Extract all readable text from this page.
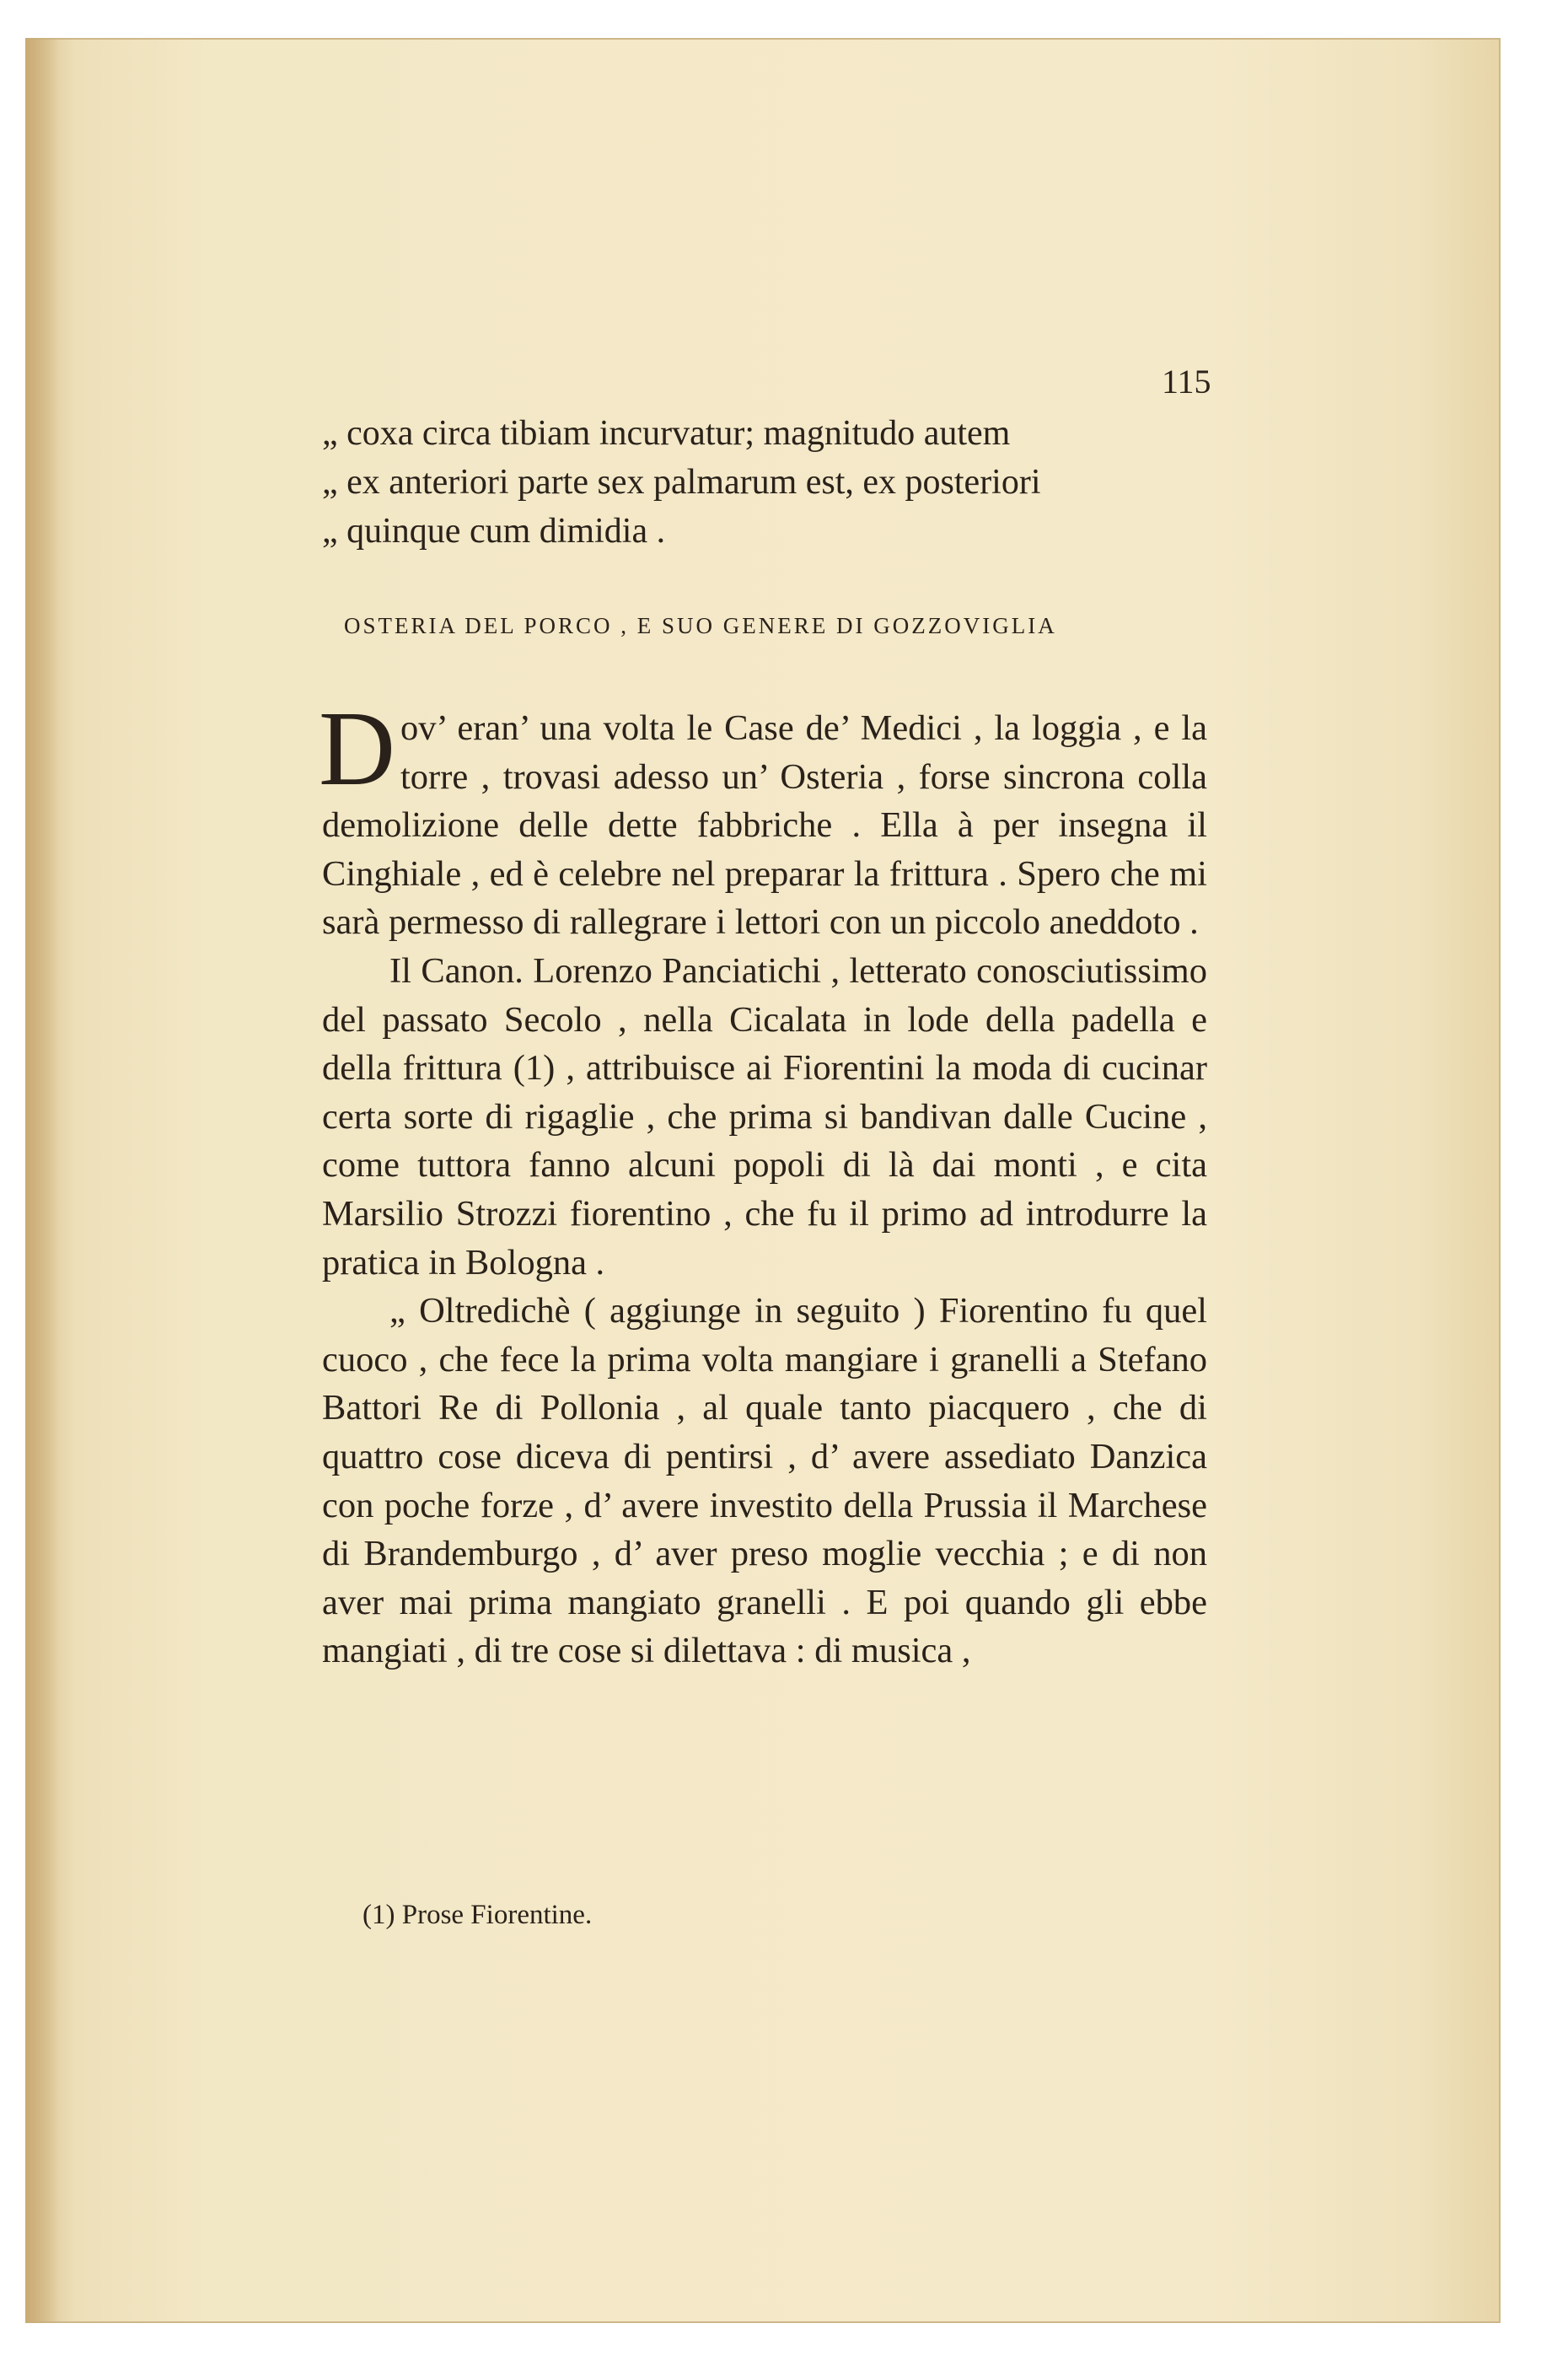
115
„ coxa circa tibiam incurvatur; magnitudo autem
„ ex anteriori parte sex palmarum est, ex posteriori
„ quinque cum dimidia .
OSTERIA DEL PORCO , E SUO GENERE DI GOZZOVIGLIA

Dov’ eran’ una volta le Case de’ Medici , la loggia , e la torre , trovasi adesso un’ Osteria , forse sincrona colla demolizione delle dette fabbriche . Ella à per insegna il Cinghiale , ed è celebre nel preparar la frittura . Spero che mi sarà permesso di rallegrare i lettori con un piccolo aneddoto .

Il Canon. Lorenzo Panciatichi , letterato conosciutissimo del passato Secolo , nella Cicalata in lode della padella e della frittura (1) , attribuisce ai Fiorentini la moda di cucinar certa sorte di rigaglie , che prima si bandivan dalle Cucine , come tuttora fanno alcuni popoli di là dai monti , e cita Marsilio Strozzi fiorentino , che fu il primo ad introdurre la pratica in Bologna .

„ Oltredichè ( aggiunge in seguito ) Fiorentino fu quel cuoco , che fece la prima volta mangiare i granelli a Stefano Battori Re di Pollonia , al quale tanto piacquero , che di quattro cose diceva di pentirsi , d’ avere assediato Danzica con poche forze , d’ avere investito della Prussia il Marchese di Brandemburgo , d’ aver preso moglie vecchia ; e di non aver mai prima mangiato granelli . E poi quando gli ebbe mangiati , di tre cose si dilettava : di musica ,

(1) Prose Fiorentine.
